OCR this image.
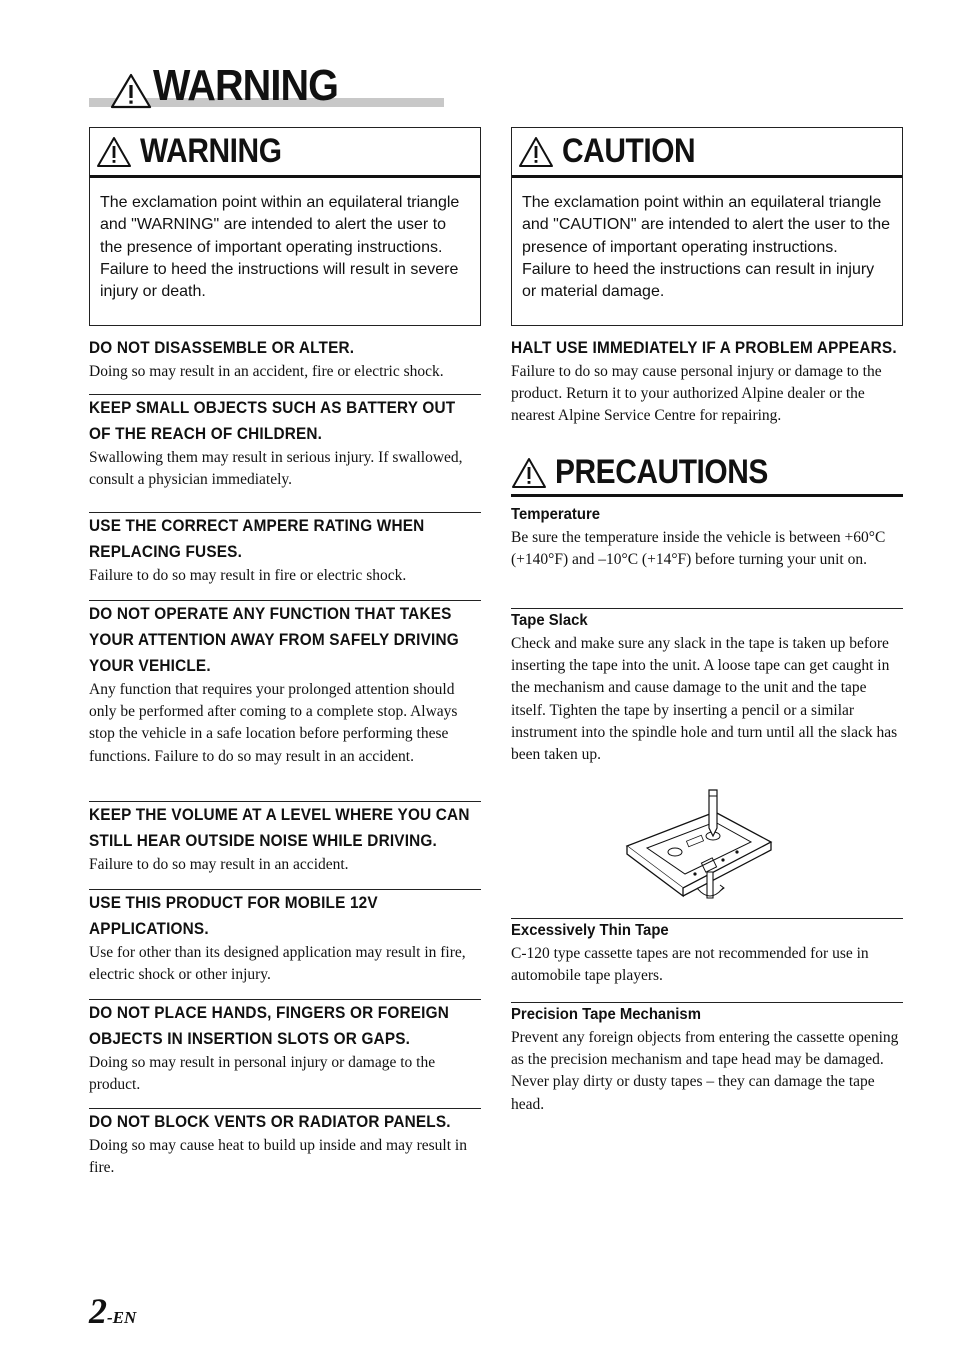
WARNING
WARNING
The exclamation point within an equilateral triangle and "WARNING" are intended to alert the user to the presence of important operating instructions.
Failure to heed the instructions will result in severe injury or death.
DO NOT DISASSEMBLE OR ALTER.

Doing so may result in an accident, fire or electric shock.

KEEP SMALL OBJECTS SUCH AS BATTERY OUT OF THE REACH OF CHILDREN.

Swallowing them may result in serious injury. If swallowed, consult a physician immediately.

USE THE CORRECT AMPERE RATING WHEN REPLACING FUSES.

Failure to do so may result in fire or electric shock.

DO NOT OPERATE ANY FUNCTION THAT TAKES YOUR ATTENTION AWAY FROM SAFELY DRIVING YOUR VEHICLE.

Any function that requires your prolonged attention should only be performed after coming to a complete stop. Always stop the vehicle in a safe location before performing these functions. Failure to do so may result in an accident.

KEEP THE VOLUME AT A LEVEL WHERE YOU CAN STILL HEAR OUTSIDE NOISE WHILE DRIVING.

Failure to do so may result in an accident.

USE THIS PRODUCT FOR MOBILE 12V APPLICATIONS.

Use for other than its designed application may result in fire, electric shock or other injury.

DO NOT PLACE HANDS, FINGERS OR FOREIGN OBJECTS IN INSERTION SLOTS OR GAPS.

Doing so may result in personal injury or damage to the product.

DO NOT BLOCK VENTS OR RADIATOR PANELS.

Doing so may cause heat to build up inside and may result in fire.

CAUTION
The exclamation point within an equilateral triangle and "CAUTION" are intended to alert the user to the presence of important operating instructions.
Failure to heed the instructions can result in injury or material damage.
HALT USE IMMEDIATELY IF A PROBLEM APPEARS.

Failure to do so may cause personal injury or damage to the product. Return it to your authorized Alpine dealer or the nearest Alpine Service Centre for repairing.

PRECAUTIONS
Temperature

Be sure the temperature inside the vehicle is between +60°C (+140°F) and –10°C (+14°F) before turning your unit on.

Tape Slack

Check and make sure any slack in the tape is taken up before inserting the tape into the unit. A loose tape can get caught in the mechanism and cause damage to the unit and the tape itself. Tighten the tape by inserting a pencil or a similar instrument into the spindle hole and turn until all the slack has been taken up.

Excessively Thin Tape

C-120 type cassette tapes are not recommended for use in automobile tape players.

Precision Tape Mechanism

Prevent any foreign objects from entering the cassette opening as the precision mechanism and tape head may be damaged.

Never play dirty or dusty tapes – they can damage the tape head.

2-EN
